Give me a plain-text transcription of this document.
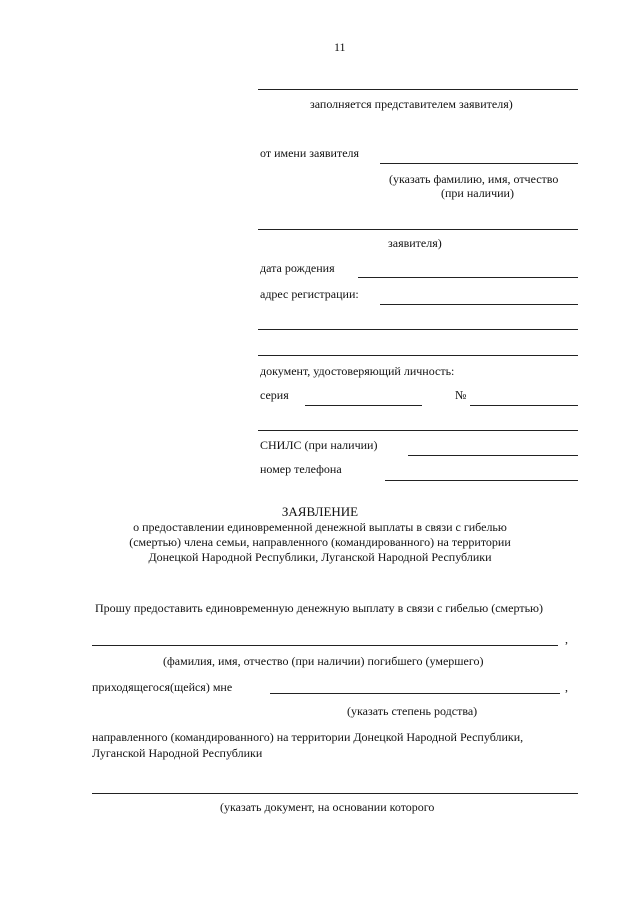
11
заполняется представителем заявителя)
от имени заявителя
(указать фамилию, имя, отчество
(при наличии)
заявителя)
дата рождения
адрес регистрации:
документ, удостоверяющий личность:
серия	№
СНИЛС (при наличии)
номер телефона
ЗАЯВЛЕНИЕ
о предоставлении единовременной денежной выплаты в связи с гибелью
(смертью) члена семьи, направленного (командированного) на территории
Донецкой Народной Республики, Луганской Народной Республики
Прошу предоставить единовременную денежную выплату в связи с гибелью (смертью)
,
(фамилия, имя, отчество (при наличии) погибшего (умершего)
приходящегося(щейся) мне	,
(указать степень родства)
направленного (командированного) на территории Донецкой Народной Республики,
Луганской Народной Республики
(указать документ, на основании которого
